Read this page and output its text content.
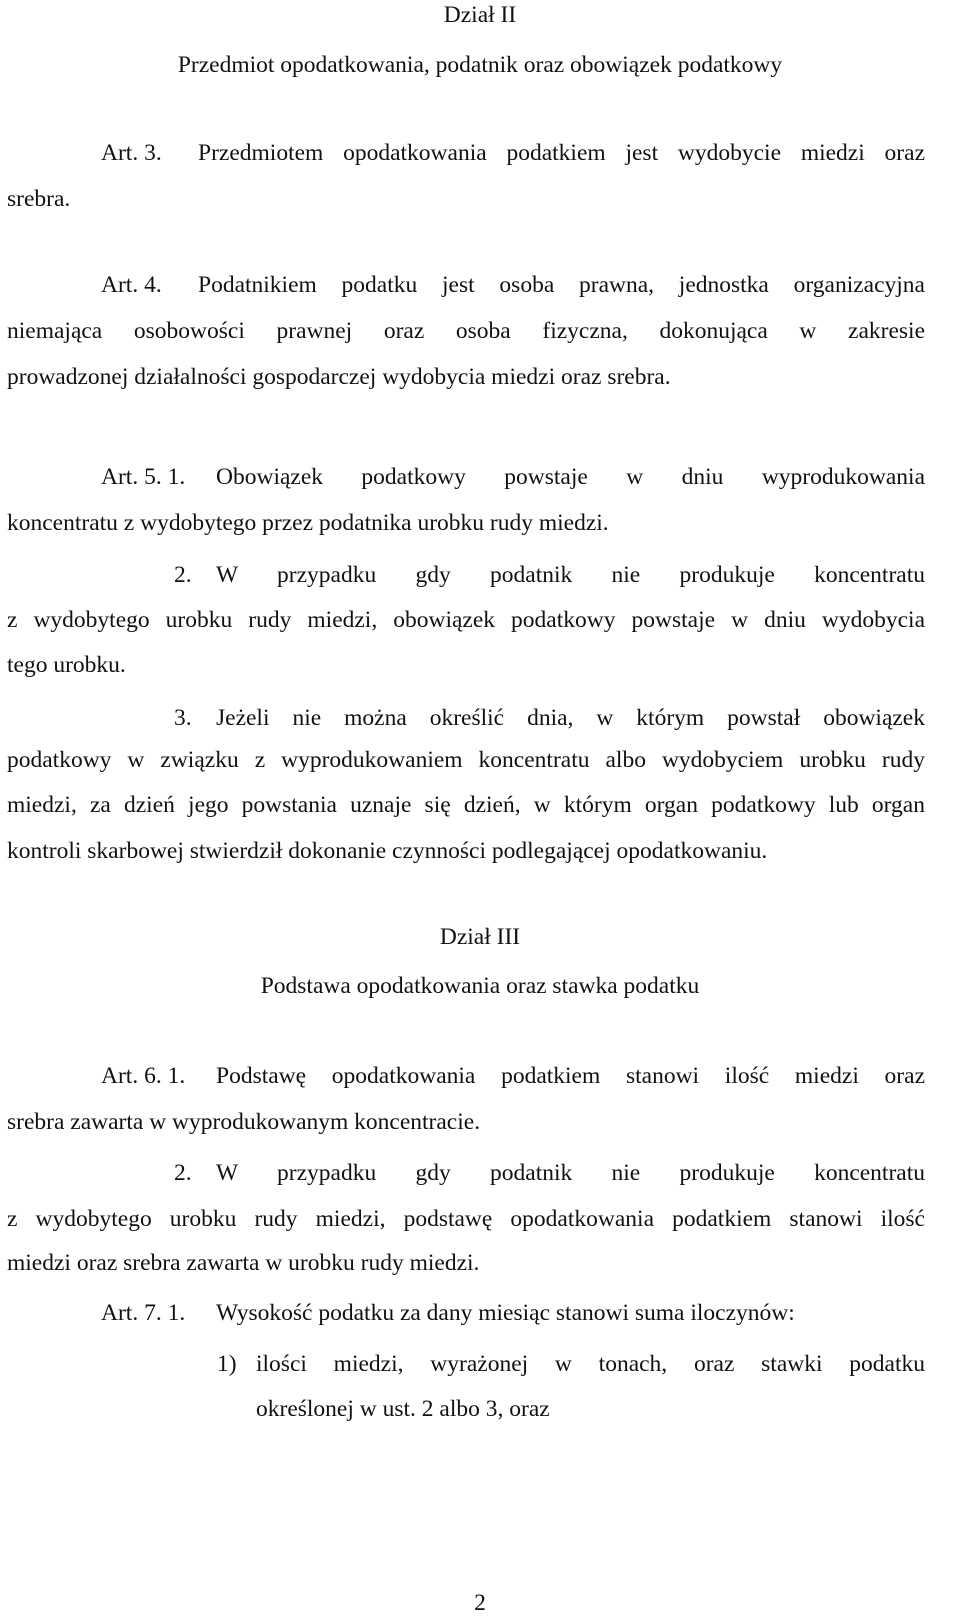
Dział II
Przedmiot opodatkowania, podatnik oraz obowiązek podatkowy
Art. 3. Przedmiotem opodatkowania podatkiem jest wydobycie miedzi oraz
srebra.
Art. 4. Podatnikiem podatku jest osoba prawna, jednostka organizacyjna
niemająca osobowości prawnej oraz osoba fizyczna, dokonująca w zakresie
prowadzonej działalności gospodarczej wydobycia miedzi oraz srebra.
Art. 5. 1. Obowiązek podatkowy powstaje w dniu wyprodukowania
koncentratu z wydobytego przez podatnika urobku rudy miedzi.
2. W przypadku gdy podatnik nie produkuje koncentratu
z wydobytego urobku rudy miedzi, obowiązek podatkowy powstaje w dniu wydobycia
tego urobku.
3. Jeżeli nie można określić dnia, w którym powstał obowiązek
podatkowy w związku z wyprodukowaniem koncentratu albo wydobyciem urobku rudy
miedzi, za dzień jego powstania uznaje się dzień, w którym organ podatkowy lub organ
kontroli skarbowej stwierdził dokonanie czynności podlegającej opodatkowaniu.
Dział III
Podstawa opodatkowania oraz stawka podatku
Art. 6. 1. Podstawę opodatkowania podatkiem stanowi ilość miedzi oraz
srebra zawarta w wyprodukowanym koncentracie.
2. W przypadku gdy podatnik nie produkuje koncentratu
z wydobytego urobku rudy miedzi, podstawę opodatkowania podatkiem stanowi ilość
miedzi oraz srebra zawarta w urobku rudy miedzi.
Art. 7. 1. Wysokość podatku za dany miesiąc stanowi suma iloczynów:
1) ilości miedzi, wyrażonej w tonach, oraz stawki podatku
określonej w ust. 2 albo 3, oraz
2
